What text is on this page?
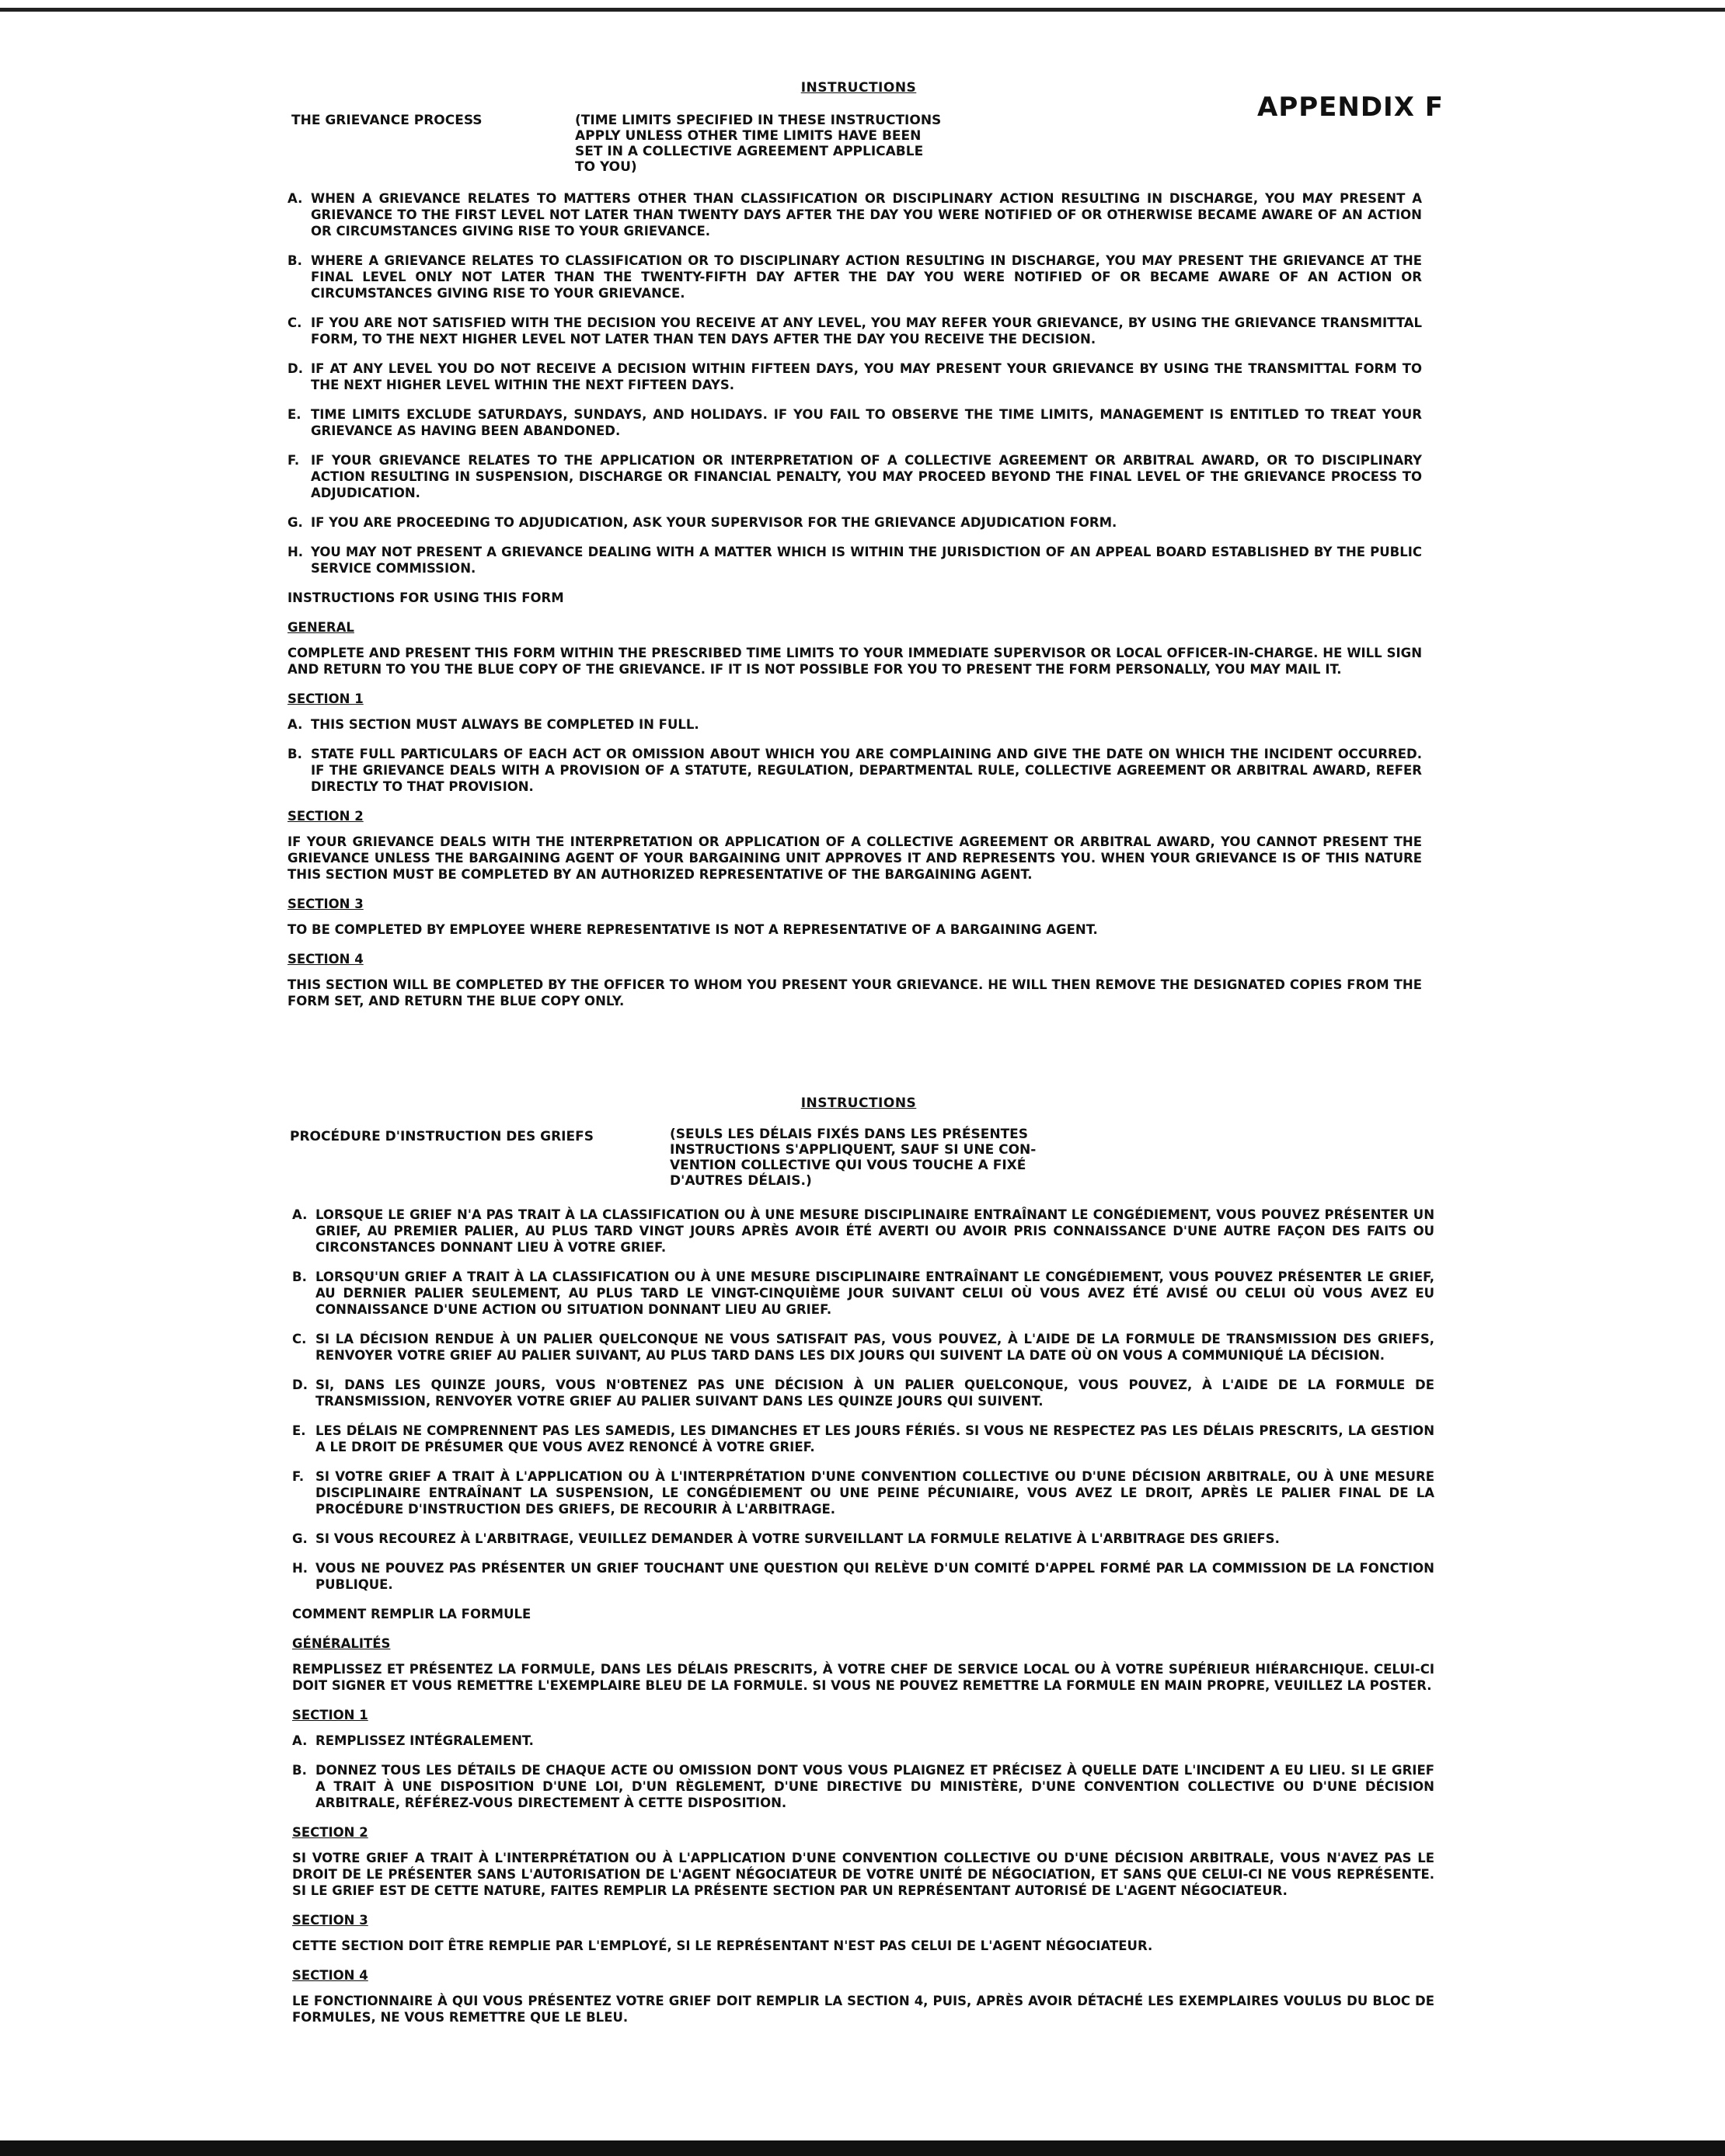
INSTRUCTIONS
APPENDIX F
THE GRIEVANCE PROCESS	(TIME LIMITS SPECIFIED IN THESE INSTRUCTIONS
APPLY UNLESS OTHER TIME LIMITS HAVE BEEN
SET IN A COLLECTIVE AGREEMENT APPLICABLE
TO YOU)
A. WHEN A GRIEVANCE RELATES TO MATTERS OTHER THAN CLASSIFICATION OR DISCIPLINARY ACTION RESULTING IN DISCHARGE, YOU MAY PRESENT A GRIEVANCE TO THE FIRST LEVEL NOT LATER THAN TWENTY DAYS AFTER THE DAY YOU WERE NOTIFIED OF OR OTHERWISE BECAME AWARE OF AN ACTION OR CIRCUMSTANCES GIVING RISE TO YOUR GRIEVANCE.
B. WHERE A GRIEVANCE RELATES TO CLASSIFICATION OR TO DISCIPLINARY ACTION RESULTING IN DISCHARGE, YOU MAY PRESENT THE GRIEVANCE AT THE FINAL LEVEL ONLY NOT LATER THAN THE TWENTY-FIFTH DAY AFTER THE DAY YOU WERE NOTIFIED OF OR BECAME AWARE OF AN ACTION OR CIRCUMSTANCES GIVING RISE TO YOUR GRIEVANCE.
C. IF YOU ARE NOT SATISFIED WITH THE DECISION YOU RECEIVE AT ANY LEVEL, YOU MAY REFER YOUR GRIEVANCE, BY USING THE GRIEVANCE TRANSMITTAL FORM, TO THE NEXT HIGHER LEVEL NOT LATER THAN TEN DAYS AFTER THE DAY YOU RECEIVE THE DECISION.
D. IF AT ANY LEVEL YOU DO NOT RECEIVE A DECISION WITHIN FIFTEEN DAYS, YOU MAY PRESENT YOUR GRIEVANCE BY USING THE TRANSMITTAL FORM TO THE NEXT HIGHER LEVEL WITHIN THE NEXT FIFTEEN DAYS.
E. TIME LIMITS EXCLUDE SATURDAYS, SUNDAYS, AND HOLIDAYS. IF YOU FAIL TO OBSERVE THE TIME LIMITS, MANAGEMENT IS ENTITLED TO TREAT YOUR GRIEVANCE AS HAVING BEEN ABANDONED.
F. IF YOUR GRIEVANCE RELATES TO THE APPLICATION OR INTERPRETATION OF A COLLECTIVE AGREEMENT OR ARBITRAL AWARD, OR TO DISCIPLINARY ACTION RESULTING IN SUSPENSION, DISCHARGE OR FINANCIAL PENALTY, YOU MAY PROCEED BEYOND THE FINAL LEVEL OF THE GRIEVANCE PROCESS TO ADJUDICATION.
G. IF YOU ARE PROCEEDING TO ADJUDICATION, ASK YOUR SUPERVISOR FOR THE GRIEVANCE ADJUDICATION FORM.
H. YOU MAY NOT PRESENT A GRIEVANCE DEALING WITH A MATTER WHICH IS WITHIN THE JURISDICTION OF AN APPEAL BOARD ESTABLISHED BY THE PUBLIC SERVICE COMMISSION.
INSTRUCTIONS FOR USING THIS FORM
GENERAL
COMPLETE AND PRESENT THIS FORM WITHIN THE PRESCRIBED TIME LIMITS TO YOUR IMMEDIATE SUPERVISOR OR LOCAL OFFICER-IN-CHARGE. HE WILL SIGN AND RETURN TO YOU THE BLUE COPY OF THE GRIEVANCE. IF IT IS NOT POSSIBLE FOR YOU TO PRESENT THE FORM PERSONALLY, YOU MAY MAIL IT.
SECTION 1
A. THIS SECTION MUST ALWAYS BE COMPLETED IN FULL.
B. STATE FULL PARTICULARS OF EACH ACT OR OMISSION ABOUT WHICH YOU ARE COMPLAINING AND GIVE THE DATE ON WHICH THE INCIDENT OCCURRED. IF THE GRIEVANCE DEALS WITH A PROVISION OF A STATUTE, REGULATION, DEPARTMENTAL RULE, COLLECTIVE AGREEMENT OR ARBITRAL AWARD, REFER DIRECTLY TO THAT PROVISION.
SECTION 2
IF YOUR GRIEVANCE DEALS WITH THE INTERPRETATION OR APPLICATION OF A COLLECTIVE AGREEMENT OR ARBITRAL AWARD, YOU CANNOT PRESENT THE GRIEVANCE UNLESS THE BARGAINING AGENT OF YOUR BARGAINING UNIT APPROVES IT AND REPRESENTS YOU. WHEN YOUR GRIEVANCE IS OF THIS NATURE THIS SECTION MUST BE COMPLETED BY AN AUTHORIZED REPRESENTATIVE OF THE BARGAINING AGENT.
SECTION 3
TO BE COMPLETED BY EMPLOYEE WHERE REPRESENTATIVE IS NOT A REPRESENTATIVE OF A BARGAINING AGENT.
SECTION 4
THIS SECTION WILL BE COMPLETED BY THE OFFICER TO WHOM YOU PRESENT YOUR GRIEVANCE. HE WILL THEN REMOVE THE DESIGNATED COPIES FROM THE FORM SET, AND RETURN THE BLUE COPY ONLY.
INSTRUCTIONS
PROCÉDURE D'INSTRUCTION DES GRIEFS	(SEULS LES DÉLAIS FIXÉS DANS LES PRÉSENTES
INSTRUCTIONS S'APPLIQUENT, SAUF SI UNE CON-
VENTION COLLECTIVE QUI VOUS TOUCHE A FIXÉ
D'AUTRES DÉLAIS.)
A. LORSQUE LE GRIEF N'A PAS TRAIT À LA CLASSIFICATION OU À UNE MESURE DISCIPLINAIRE ENTRAÎNANT LE CONGÉDIEMENT, VOUS POUVEZ PRÉSENTER UN GRIEF, AU PREMIER PALIER, AU PLUS TARD VINGT JOURS APRÈS AVOIR ÉTÉ AVERTI OU AVOIR PRIS CONNAISSANCE D'UNE AUTRE FAÇON DES FAITS OU CIRCONSTANCES DONNANT LIEU À VOTRE GRIEF.
B. LORSQU'UN GRIEF A TRAIT À LA CLASSIFICATION OU À UNE MESURE DISCIPLINAIRE ENTRAÎNANT LE CONGÉDIEMENT, VOUS POUVEZ PRÉSENTER LE GRIEF, AU DERNIER PALIER SEULEMENT, AU PLUS TARD LE VINGT-CINQUIÈME JOUR SUIVANT CELUI OÙ VOUS AVEZ ÉTÉ AVISÉ OU CELUI OÙ VOUS AVEZ EU CONNAISSANCE D'UNE ACTION OU SITUATION DONNANT LIEU AU GRIEF.
C. SI LA DÉCISION RENDUE À UN PALIER QUELCONQUE NE VOUS SATISFAIT PAS, VOUS POUVEZ, À L'AIDE DE LA FORMULE DE TRANSMISSION DES GRIEFS, RENVOYER VOTRE GRIEF AU PALIER SUIVANT, AU PLUS TARD DANS LES DIX JOURS QUI SUIVENT LA DATE OÙ ON VOUS A COMMUNIQUÉ LA DÉCISION.
D. SI, DANS LES QUINZE JOURS, VOUS N'OBTENEZ PAS UNE DÉCISION À UN PALIER QUELCONQUE, VOUS POUVEZ, À L'AIDE DE LA FORMULE DE TRANSMISSION, RENVOYER VOTRE GRIEF AU PALIER SUIVANT DANS LES QUINZE JOURS QUI SUIVENT.
E. LES DÉLAIS NE COMPRENNENT PAS LES SAMEDIS, LES DIMANCHES ET LES JOURS FÉRIÉS. SI VOUS NE RESPECTEZ PAS LES DÉLAIS PRESCRITS, LA GESTION A LE DROIT DE PRÉSUMER QUE VOUS AVEZ RENONCÉ À VOTRE GRIEF.
F. SI VOTRE GRIEF A TRAIT À L'APPLICATION OU À L'INTERPRÉTATION D'UNE CONVENTION COLLECTIVE OU D'UNE DÉCISION ARBITRALE, OU À UNE MESURE DISCIPLINAIRE ENTRAÎNANT LA SUSPENSION, LE CONGÉDIEMENT OU UNE PEINE PÉCUNIAIRE, VOUS AVEZ LE DROIT, APRÈS LE PALIER FINAL DE LA PROCÉDURE D'INSTRUCTION DES GRIEFS, DE RECOURIR À L'ARBITRAGE.
G. SI VOUS RECOUREZ À L'ARBITRAGE, VEUILLEZ DEMANDER À VOTRE SURVEILLANT LA FORMULE RELATIVE À L'ARBITRAGE DES GRIEFS.
H. VOUS NE POUVEZ PAS PRÉSENTER UN GRIEF TOUCHANT UNE QUESTION QUI RELÈVE D'UN COMITÉ D'APPEL FORMÉ PAR LA COMMISSION DE LA FONCTION PUBLIQUE.
COMMENT REMPLIR LA FORMULE
GÉNÉRALITÉS
REMPLISSEZ ET PRÉSENTEZ LA FORMULE, DANS LES DÉLAIS PRESCRITS, À VOTRE CHEF DE SERVICE LOCAL OU À VOTRE SUPÉRIEUR HIÉRARCHIQUE. CELUI-CI DOIT SIGNER ET VOUS REMETTRE L'EXEMPLAIRE BLEU DE LA FORMULE. SI VOUS NE POUVEZ REMETTRE LA FORMULE EN MAIN PROPRE, VEUILLEZ LA POSTER.
SECTION 1
A. REMPLISSEZ INTÉGRALEMENT.
B. DONNEZ TOUS LES DÉTAILS DE CHAQUE ACTE OU OMISSION DONT VOUS VOUS PLAIGNEZ ET PRÉCISEZ À QUELLE DATE L'INCIDENT A EU LIEU. SI LE GRIEF A TRAIT À UNE DISPOSITION D'UNE LOI, D'UN RÈGLEMENT, D'UNE DIRECTIVE DU MINISTÈRE, D'UNE CONVENTION COLLECTIVE OU D'UNE DÉCISION ARBITRALE, RÉFÉREZ-VOUS DIRECTEMENT À CETTE DISPOSITION.
SECTION 2
SI VOTRE GRIEF A TRAIT À L'INTERPRÉTATION OU À L'APPLICATION D'UNE CONVENTION COLLECTIVE OU D'UNE DÉCISION ARBITRALE, VOUS N'AVEZ PAS LE DROIT DE LE PRÉSENTER SANS L'AUTORISATION DE L'AGENT NÉGOCIATEUR DE VOTRE UNITÉ DE NÉGOCIATION, ET SANS QUE CELUI-CI NE VOUS REPRÉSENTE. SI LE GRIEF EST DE CETTE NATURE, FAITES REMPLIR LA PRÉSENTE SECTION PAR UN REPRÉSENTANT AUTORISÉ DE L'AGENT NÉGOCIATEUR.
SECTION 3
CETTE SECTION DOIT ÊTRE REMPLIE PAR L'EMPLOYÉ, SI LE REPRÉSENTANT N'EST PAS CELUI DE L'AGENT NÉGOCIATEUR.
SECTION 4
LE FONCTIONNAIRE À QUI VOUS PRÉSENTEZ VOTRE GRIEF DOIT REMPLIR LA SECTION 4, PUIS, APRÈS AVOIR DÉTACHÉ LES EXEMPLAIRES VOULUS DU BLOC DE FORMULES, NE VOUS REMETTRE QUE LE BLEU.
